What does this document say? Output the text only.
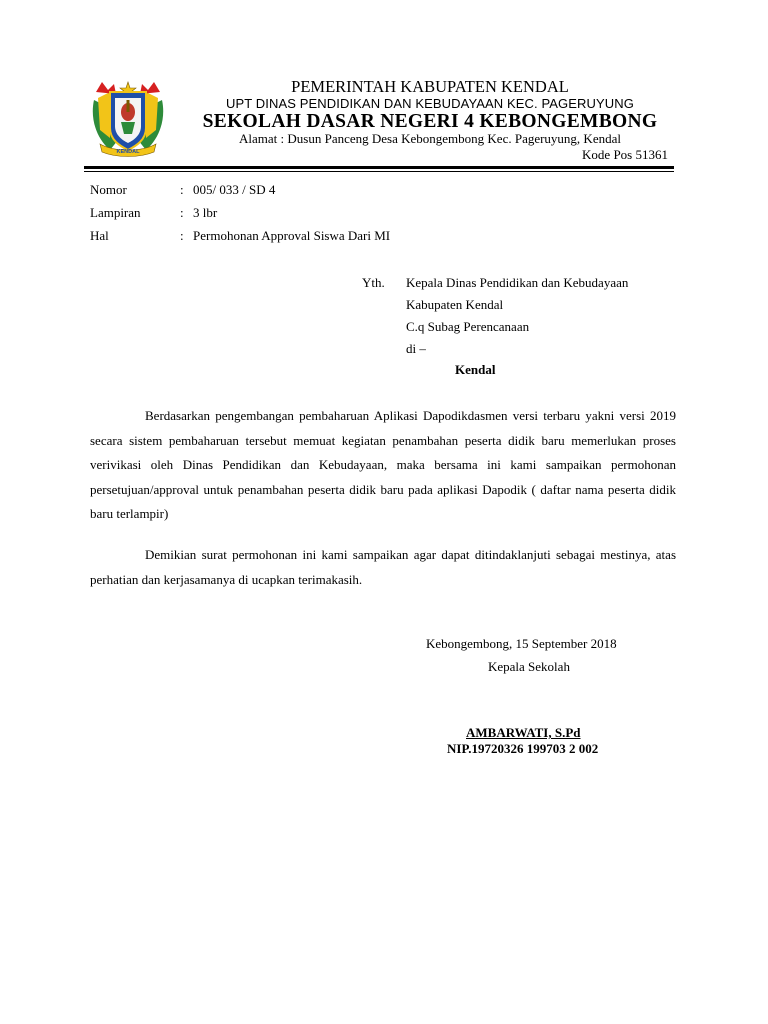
KENDAL
PEMERINTAH KABUPATEN KENDAL
UPT DINAS PENDIDIKAN DAN KEBUDAYAAN KEC. PAGERUYUNG
SEKOLAH DASAR NEGERI 4 KEBONGEMBONG
Alamat : Dusun Panceng Desa Kebongembong Kec. Pageruyung, Kendal
Kode Pos 51361
Nomor	: 005/ 033 / SD 4
Lampiran	: 3 lbr
Hal	: Permohonan Approval Siswa Dari MI
Yth. Kepala Dinas Pendidikan dan Kebudayaan
Kabupaten Kendal
C.q Subag Perencanaan
di –
Kendal
Berdasarkan pengembangan pembaharuan Aplikasi Dapodikdasmen versi terbaru yakni versi 2019 secara sistem pembaharuan tersebut memuat kegiatan penambahan peserta didik baru memerlukan proses verivikasi oleh Dinas Pendidikan dan Kebudayaan, maka bersama ini kami sampaikan permohonan persetujuan/approval untuk penambahan peserta didik baru pada aplikasi Dapodik ( daftar nama peserta didik baru terlampir)
Demikian surat permohonan ini kami sampaikan agar dapat ditindaklanjuti sebagai mestinya, atas perhatian dan kerjasamanya di ucapkan terimakasih.
Kebongembong, 15 September 2018
Kepala Sekolah
AMBARWATI, S.Pd
NIP.19720326 199703 2 002
